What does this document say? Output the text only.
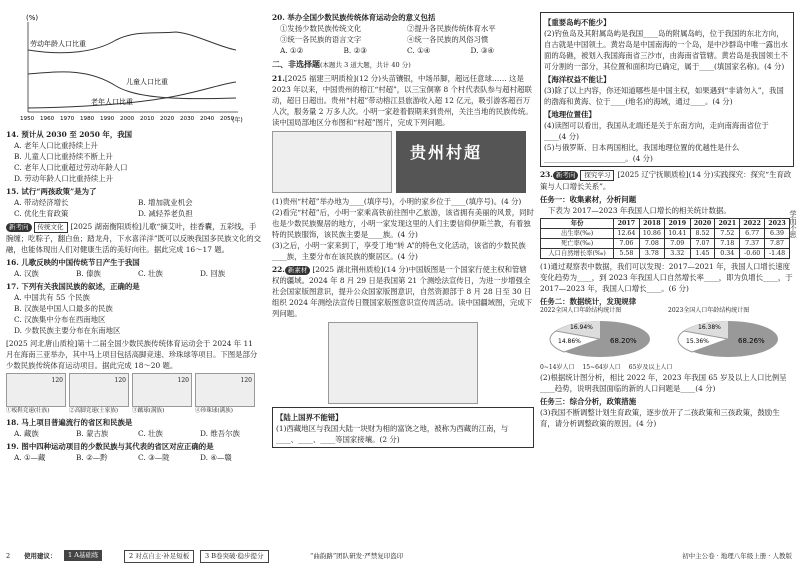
(%)
劳动年龄人口比重
儿童人口比重
老年人口比重
1950 1960 1970 1980 1990 2000 2010 2020 2030 2040 2050
(年)
14. 预计从 2030 至 2050 年，我国
A. 老年人口比重持续上升
B. 儿童人口比重持续不断上升
C. 老年人口比重超过劳动年龄人口
D. 劳动年龄人口比重持续上升
15. 试行“两孩政策”是为了
A. 带动经济增长	B. 增加就业机会
C. 优化生育政策	D. 减轻养老负担
新考向 传统文化 [2025 湖南衡阳质检]儿歌“摘艾叶，挂香囊，五彩线，手腕缠；吃粽子，翻白鱼；踏龙舟，下水喜洋洋”既可以反映我国多民族文化的交融，也能体现出人们对健康生活的美好向往。据此完成 16～17 题。
16. 儿歌反映的中国传统节日产生于我国
A. 汉族	B. 傣族	C. 壮族	D. 回族
17. 下列有关我国民族的叙述，正确的是
A. 中国共有 55 个民族
B. 汉族是中国人口最多的民族
C. 汉族集中分布在西南地区
D. 少数民族主要分布在东南地区
[2025 河北唐山质检]第十二届全国少数民族传统体育运动会于 2024 年 11 月在海南三亚举办，其中马上项目包括高脚竞速、珍珠球等项目。下图是部分少数民族传统体育运动项目。据此完成 18～20 题。
120
①板鞋竞速(壮族)
120
②高脚竞速(土家族)
120
③蹴球(满族)
120
④珍珠球(满族)
18. 马上项目普遍流行的省区和民族是
A. 藏族	B. 蒙古族	C. 壮族	D. 维吾尔族
19. 图中四种运动项目的少数民族与其代表的省区对应正确的是
A. ①—藏	B. ②—黔	C. ③—陇	D. ④—赣
20. 举办全国少数民族传统体育运动会的意义包括
①发扬少数民族传统文化	②提升各民族传统体育水平
③统一各民族的语言文字	④统一各民族的风俗习惯
A. ①②	B. ②③	C. ①④	D. ③④
二、非选择题(本题共 3 道大题，共计 40 分)
21.[2025 福建三明质检](12 分)头苗镶银，中场吊脚，超远任意球…… 这是 2023 年以来，中国贵州的榕江“村超”，以三宝侗寨 8 个村代表队参与超村超联动，超日日超出。贵州“村超”带动榕江县旅游收入超 12 亿元，吸引游客超百万人次，服务量 2 万多人次。小明一家趁着假期来到贵州，关注当地的民族传统。读中国局部地区分布图和“村超”图片，完成下列问题。
贵州村超
(1)贵州“村超”举办地为____(填序号)，小明的家乡位于____(填序号)。(4 分)
(2)看完“村超”后，小明一家乘高铁前往图中乙旅游，该省拥有美丽的风景，同时也是少数民族聚居的地方，小明一家发现这里的人们主要信仰伊斯兰教，有着独特的民族服饰，该民族主要是____族。(4 分)
(3)之后，小明一家来到丁，享受丁地“转 A”的特色文化活动，该省的少数民族____族，主要分布在该民族的聚居区。(4 分)
22. 新素材 [2025 湖北荆州质检](14 分)中国版图是一个国家行使主权和管辖权的疆域。2024 年 8 月 29 日是我国第 21 个测绘法宣传日，为进一步增强全社会国家版图意识，提升公众国家版图意识，自然资源部于 8 月 28 日至 30 日组织 2024 年测绘法宣传日暨国家版图意识宣传周活动。读中国疆域图，完成下列问题。
【陆上国界不能错】
(1)西藏地区与我国大陆一块财为相的富饶之地，被称为西藏的江南，与____、____、____等国家接壤。(2 分)
【重要岛屿不能少】
(2)钓鱼岛及其附属岛屿是我国____岛的附属岛屿，位于我国的东北方向，自古就是中国领土。黄岩岛是中国南海的一个岛，是中沙群岛中唯一露出水面的岛礁，被划入我国海南省三沙市，由海南省管辖。黄岩岛是我国领土不可分割的一部分，其位置和面积均已确定，属于____(填国家名称)。(4 分)
【海洋权益不能让】
(3)除了以上内容，你还知道哪些是中国主权，如果遇到“非请勿入”，我国的渤海和黄海、位于____(地名)的海域，通过____。(4 分)
【地理位置佳】
(4)读图可以看出，我国从北端还是关于东南方向，走向南海南省位于____(4 分)
(5)与俄罗斯、日本两国相比，我国地理位置的优越性是什么______________________。(4 分)
23. 新考向 探究学习 [2025 辽宁抚顺质检](14 分)实践探究：探究“生育政策与人口增长关系”。
任务一：收集素材，分析问题
下表为 2017—2023 年我国人口增长的相关统计数据。
年份	2017	2018	2019	2020	2021	2022	2023
出生率(‰)	12.64	10.86	10.41	8.52	7.52	6.77	6.39
死亡率(‰)	7.06	7.08	7.09	7.07	7.18	7.37	7.87
人口自然增长率(‰)	5.58	3.78	3.32	1.45	0.34	-0.60	-1.48
(1)通过观察表中数据，我们可以发现：2017—2021 年，我国人口增长速度变化趋势为____，到 2023 年我国人口自然增长率____，即为负增长____，于 2017—2023 年，我国人口增长____。(6 分)
任务二：数据统计，发现规律
2022全国人口年龄结构统计图
16.94%
68.20%
14.86%
2023全国人口年龄结构统计图
16.38%
68.26%
15.36%
0~14岁人口 15~64岁人口 65岁及以上人口
(2)根据统计图分析，相比 2022 年，2023 年我国 65 岁及以上人口比例呈____趋势，说明我国面临的新的人口问题是____(4 分)
任务三：综合分析，政策措施
(3)我国不断调整计划生育政策，逐步放开了二孩政策和三孩政策，鼓励生育，请分析调整政策的原因。(4 分)
学而不思
2 使用建议：	1 A基础练	2 对点自主·补足短板	3 B卷突破·稳步提分	“曲韵路”团队研发·严禁复印盗印	初中主公卷 · 地理八年级上册 · 人教版
